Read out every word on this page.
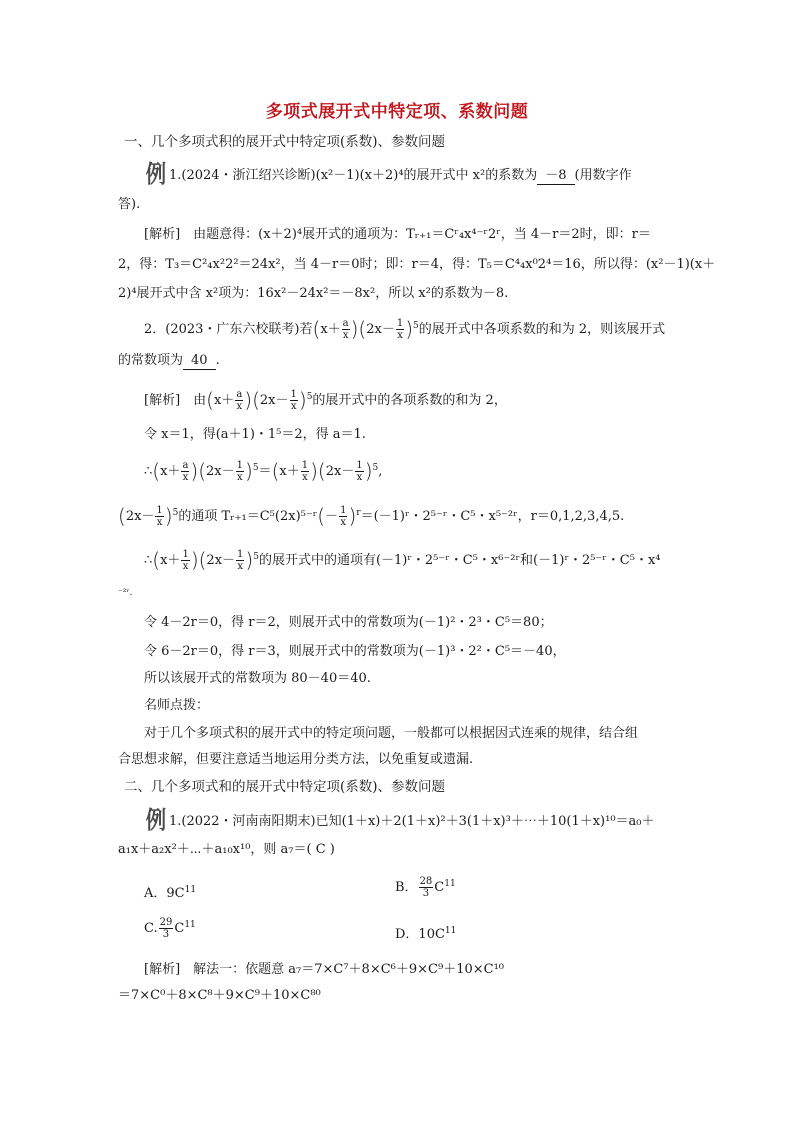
多项式展开式中特定项、系数问题
一、几个多项式积的展开式中特定项(系数)、参数问题
例 1.(2024・浙江绍兴诊断)(x²－1)(x＋2)⁴的展开式中 x²的系数为 －8 (用数字作
答).
[解析]　由题意得：(x＋2)⁴展开式的通项为：Tᵣ₊₁＝Cʳ₄x⁴⁻ʳ2ʳ，当 4－r＝2时，即：r＝
2，得：T₃＝C²₄x²2²＝24x²，当 4－r＝0时；即：r＝4，得：T₅＝C⁴₄x⁰2⁴＝16，所以得：(x²－1)(x＋
2)⁴展开式中含 x²项为：16x²－24x²＝－8x²，所以 x²的系数为－8.
2．(2023・广东六校联考)若$(x+ \frac{a}{x} )(2x- \frac{1}{x} )^5$的展开式中各项系数的和为 2，则该展开式
的常数项为 40 .
[解析]　由$(x+ \frac{a}{x} )(2x- \frac{1}{x} )^5$的展开式中的各项系数的和为 2，
令 x＝1，得(a＋1)・1⁵＝2，得 a＝1.
∴(x＋ $\frac{a}{x} )(2x- \frac{1}{x} )^5=(x+ \frac{1}{x} )(2x- \frac{1}{x} )^5$,
$(2x- \frac{1}{x} )^5$的通项 Tᵣ₊₁＝C⁵(2x)⁵⁻ʳ(－ $\frac{1}{x}$ )$^r$＝(－1)ʳ・2⁵⁻ʳ・C⁵・x⁵⁻²ʳ，r＝0,1,2,3,4,5.
∴(x＋ $\frac{1}{x} )(2x- \frac{1}{x} )^5$的展开式中的通项有(－1)ʳ・2⁵⁻ʳ・C⁵・x⁶⁻²ʳ和(－1)ʳ・2⁵⁻ʳ・C⁵・x⁴
⁻²ʳ.
令 4－2r＝0，得 r＝2，则展开式中的常数项为(－1)²・2³・C⁵＝80；
令 6－2r＝0，得 r＝3，则展开式中的常数项为(－1)³・2²・C⁵＝－40，
所以该展开式的常数项为 80－40＝40.
名师点拨：
对于几个多项式积的展开式中的特定项问题，一般都可以根据因式连乘的规律，结合组
合思想求解，但要注意适当地运用分类方法，以免重复或遗漏.
二、几个多项式和的展开式中特定项(系数)、参数问题
例 1.(2022・河南南阳期末)已知(1＋x)＋2(1＋x)²＋3(1＋x)³＋⋯＋10(1＋x)¹⁰＝a₀＋
a₁x＋a₂x²＋⋯＋a₁₀x¹⁰，则 a₇＝( C )
A．$9C^{11}$	B． $\frac{28}{3} C^{11}$
C. $\frac{29}{3} C^{11}$
D．$10C^{11}$
[解析]　解法一：依题意 a₇＝7×C⁷＋8×C⁶＋9×C⁹＋10×C¹⁰
＝7×C⁰＋8×C⁸＋9×C⁹＋10×C⁸⁰
